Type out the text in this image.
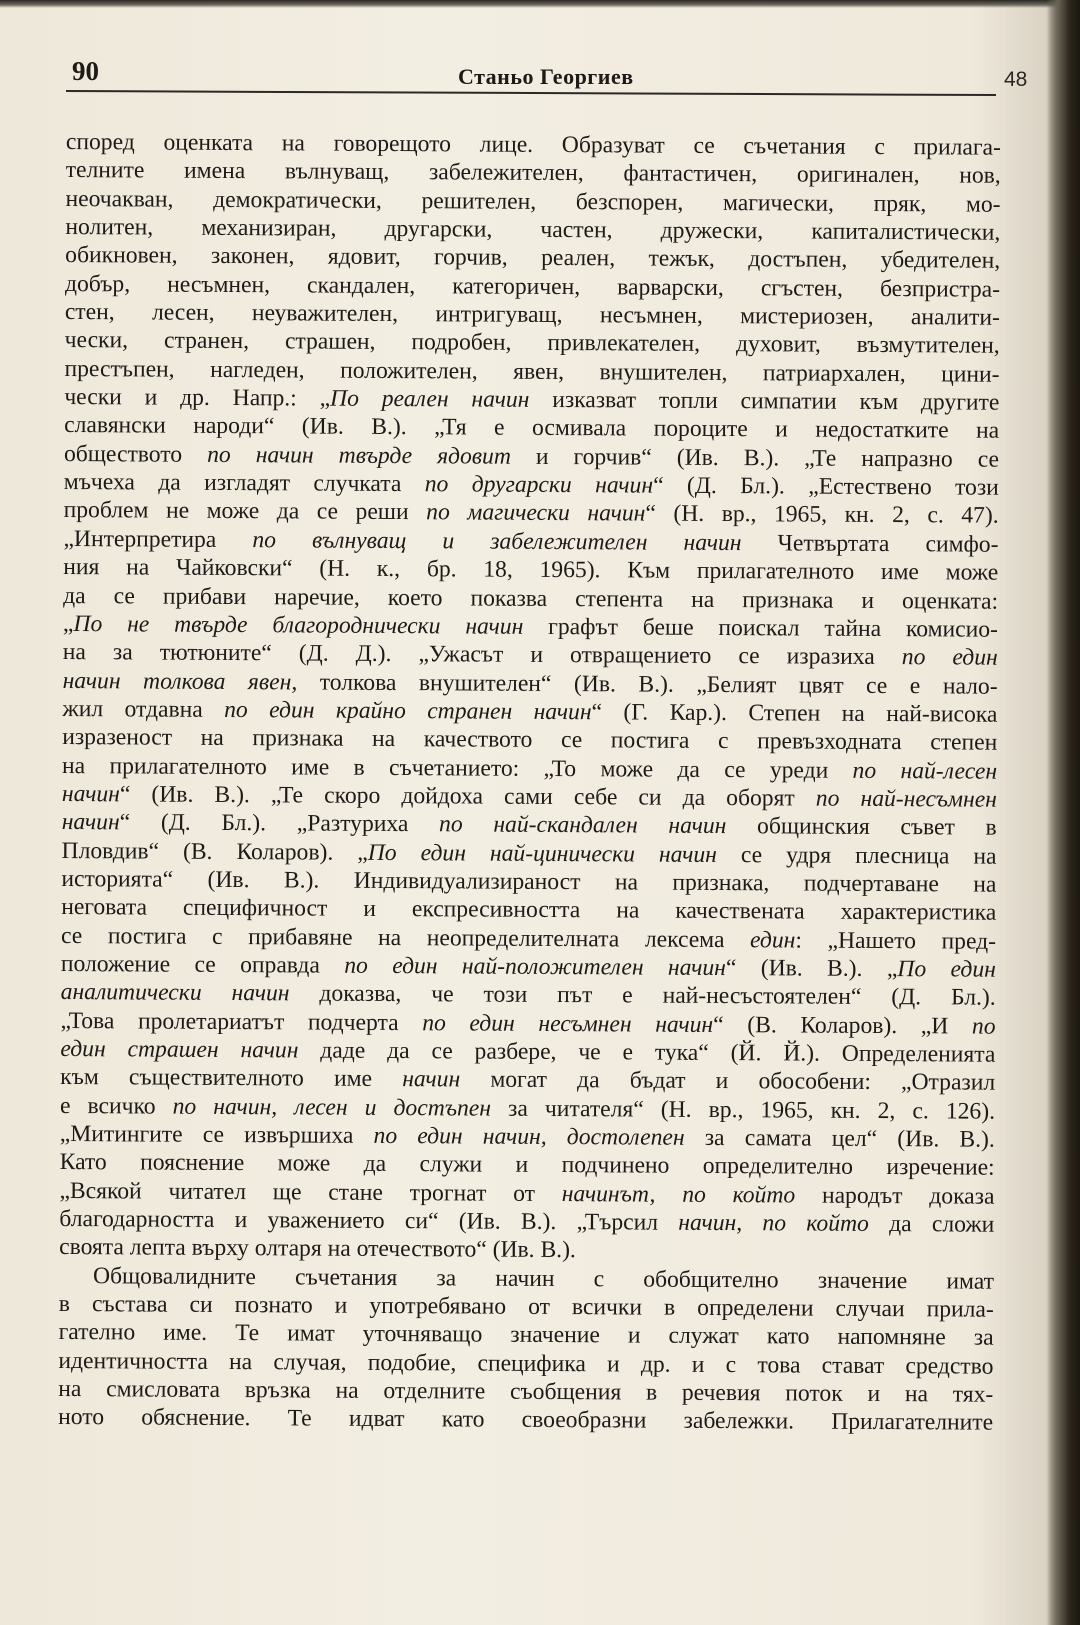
90	Станьо Георгиев	48
според оценката на говорещото лице. Образуват се съчетания с прилага-
телните имена вълнуващ, забележителен, фантастичен, оригинален, нов,
неочакван, демократически, решителен, безспорен, магически, пряк, мо-
нолитен, механизиран, другарски, частен, дружески, капиталистически,
обикновен, законен, ядовит, горчив, реален, тежък, достъпен, убедителен,
добър, несъмнен, скандален, категоричен, варварски, сгъстен, безпристра-
стен, лесен, неуважителен, интригуващ, несъмнен, мистериозен, аналити-
чески, странен, страшен, подробен, привлекателен, духовит, възмутителен,
престъпен, нагледен, положителен, явен, внушителен, патриархален, цини-
чески и др. Напр.: „По реален начин изказват топли симпатии към другите
славянски народи“ (Ив. В.). „Тя е осмивала пороците и недостатките на
обществото по начин твърде ядовит и горчив“ (Ив. В.). „Те напразно се
мъчеха да изгладят случката по другарски начин“ (Д. Бл.). „Естествено този
проблем не може да се реши по магически начин“ (Н. вр., 1965, кн. 2, с. 47).
„Интерпретира по вълнуващ и забележителен начин Четвъртата симфо-
ния на Чайковски“ (Н. к., бр. 18, 1965). Към прилагателното име може
да се прибави наречие, което показва степента на признака и оценката:
„По не твърде благороднически начин графът беше поискал тайна комисио-
на за тютюните“ (Д. Д.). „Ужасът и отвращението се изразиха по един
начин толкова явен, толкова внушителен“ (Ив. В.). „Белият цвят се е нало-
жил отдавна по един крайно странен начин“ (Г. Кар.). Степен на най-висока
изразеност на признака на качеството се постига с превъзходната степен
на прилагателното име в съчетанието: „То може да се уреди по най-лесен
начин“ (Ив. В.). „Те скоро дойдоха сами себе си да оборят по най-несъмнен
начин“ (Д. Бл.). „Разтуриха по най-скандален начин общинския съвет в
Пловдив“ (В. Коларов). „По един най-цинически начин се удря плесница на
историята“ (Ив. В.). Индивидуализираност на признака, подчертаване на
неговата специфичност и експресивността на качествената характеристика
се постига с прибавяне на неопределителната лексема един: „Нашето пред-
положение се оправда по един най-положителен начин“ (Ив. В.). „По един
аналитически начин доказва, че този път е най-несъстоятелен“ (Д. Бл.).
„Това пролетариатът подчерта по един несъмнен начин“ (В. Коларов). „И по
един страшен начин даде да се разбере, че е тука“ (Й. Й.). Определенията
към съществителното име начин могат да бъдат и обособени: „Отразил
е всичко по начин, лесен и достъпен за читателя“ (Н. вр., 1965, кн. 2, с. 126).
„Митингите се извършиха по един начин, достолепен за самата цел“ (Ив. В.).
Като пояснение може да служи и подчинено определително изречение:
„Всякой читател ще стане трогнат от начинът, по който народът доказа
благодарността и уважението си“ (Ив. В.). „Търсил начин, по който да сложи
своята лепта върху олтаря на отечеството“ (Ив. В.).
Общовалидните съчетания за начин с обобщително значение имат
в състава си познато и употребявано от всички в определени случаи прила-
гателно име. Те имат уточняващо значение и служат като напомняне за
идентичността на случая, подобие, специфика и др. и с това стават средство
на смисловата връзка на отделните съобщения в речевия поток и на тях-
ното обяснение. Те идват като своеобразни забележки. Прилагателните
